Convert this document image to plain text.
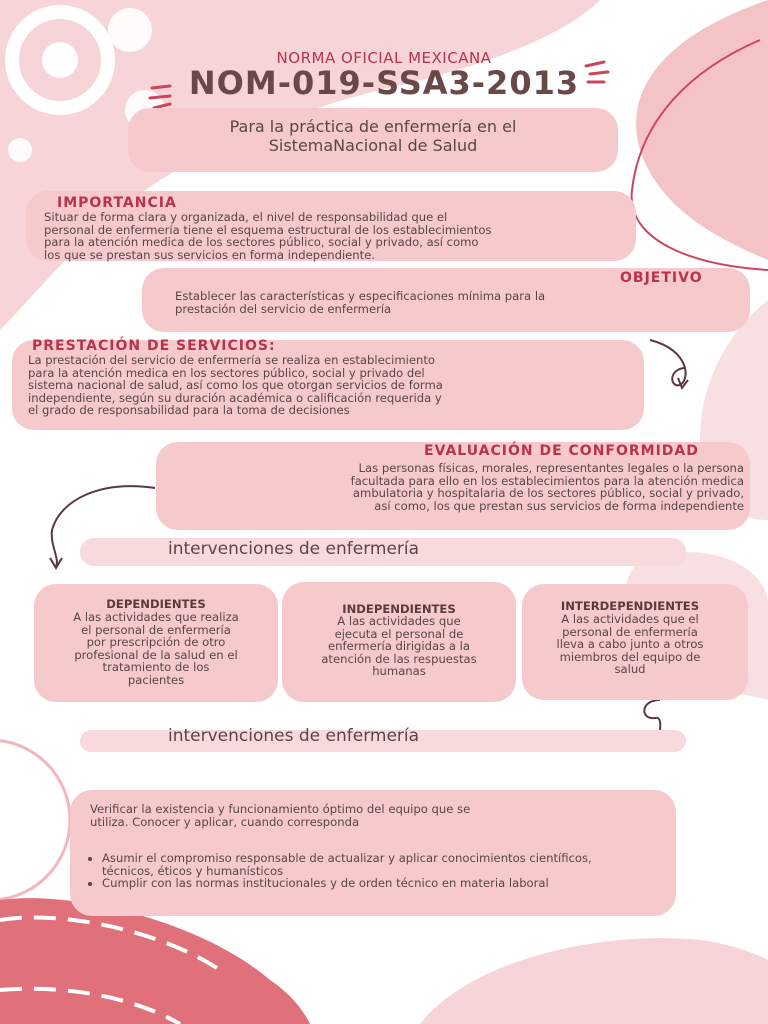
NORMA OFICIAL MEXICANA
NOM-019-SSA3-2013
Para la práctica de enfermería en el
SistemaNacional de Salud
IMPORTANCIA
Situar de forma clara y organizada, el nivel de responsabilidad que el
personal de enfermería tiene el esquema estructural de los establecimientos
para la atención medica de los sectores público, social y privado, así como
los que se prestan sus servicios en forma independiente.
OBJETIVO
Establecer las características y especificaciones mínima para la
prestación del servicio de enfermería
PRESTACIÓN DE SERVICIOS:
La prestación del servicio de enfermería se realiza en establecimiento
para la atención medica en los sectores público, social y privado del
sistema nacional de salud, así como los que otorgan servicios de forma
independiente, según su duración académica o calificación requerida y
el grado de responsabilidad para la toma de decisiones
EVALUACIÓN DE CONFORMIDAD
Las personas físicas, morales, representantes legales o la persona
facultada para ello en los establecimientos para la atención medica
ambulatoria y hospitalaria de los sectores público, social y privado,
así como, los que prestan sus servicios de forma independiente
intervenciones de enfermería
DEPENDIENTES
A las actividades que realiza
el personal de enfermería
por prescripción de otro
profesional de la salud en el
tratamiento de los
pacientes
INDEPENDIENTES
A las actividades que
ejecuta el personal de
enfermería dirigidas a la
atención de las respuestas
humanas
INTERDEPENDIENTES
A las actividades que el
personal de enfermería
lleva a cabo junto a otros
miembros del equipo de
salud
intervenciones de enfermería
Verificar la existencia y funcionamiento óptimo del equipo que se
utiliza. Conocer y aplicar, cuando corresponda
• Asumir el compromiso responsable de actualizar y aplicar conocimientos científicos, técnicos, éticos y humanísticos
• Cumplir con las normas institucionales y de orden técnico en materia laboral
